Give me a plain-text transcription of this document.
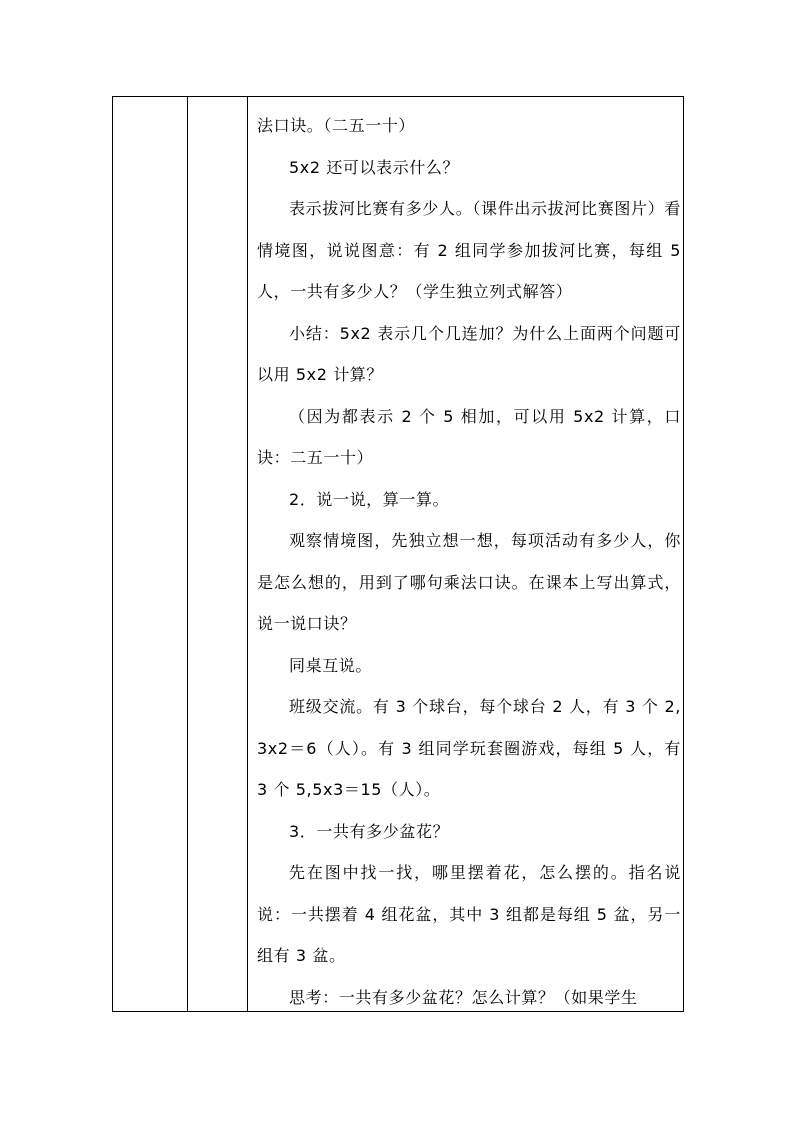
法口诀。（二五一十）

5x2 还可以表示什么？

表示拔河比赛有多少人。（课件出示拔河比赛图片）看情境图，说说图意：有 2 组同学参加拔河比赛，每组 5 人，一共有多少人？（学生独立列式解答）

小结：5x2 表示几个几连加？为什么上面两个问题可以用 5x2 计算？

（因为都表示 2 个 5 相加，可以用 5x2 计算，口诀：二五一十）

2．说一说，算一算。

观察情境图，先独立想一想，每项活动有多少人，你是怎么想的，用到了哪句乘法口诀。在课本上写出算式，说一说口诀？

同桌互说。

班级交流。有 3 个球台，每个球台 2 人，有 3 个 2,3x2＝6（人）。有 3 组同学玩套圈游戏，每组 5 人，有 3 个 5,5x3＝15（人）。

3．一共有多少盆花？

先在图中找一找，哪里摆着花，怎么摆的。指名说说：一共摆着 4 组花盆，其中 3 组都是每组 5 盆，另一组有 3 盆。

思考：一共有多少盆花？怎么计算？（如果学生
